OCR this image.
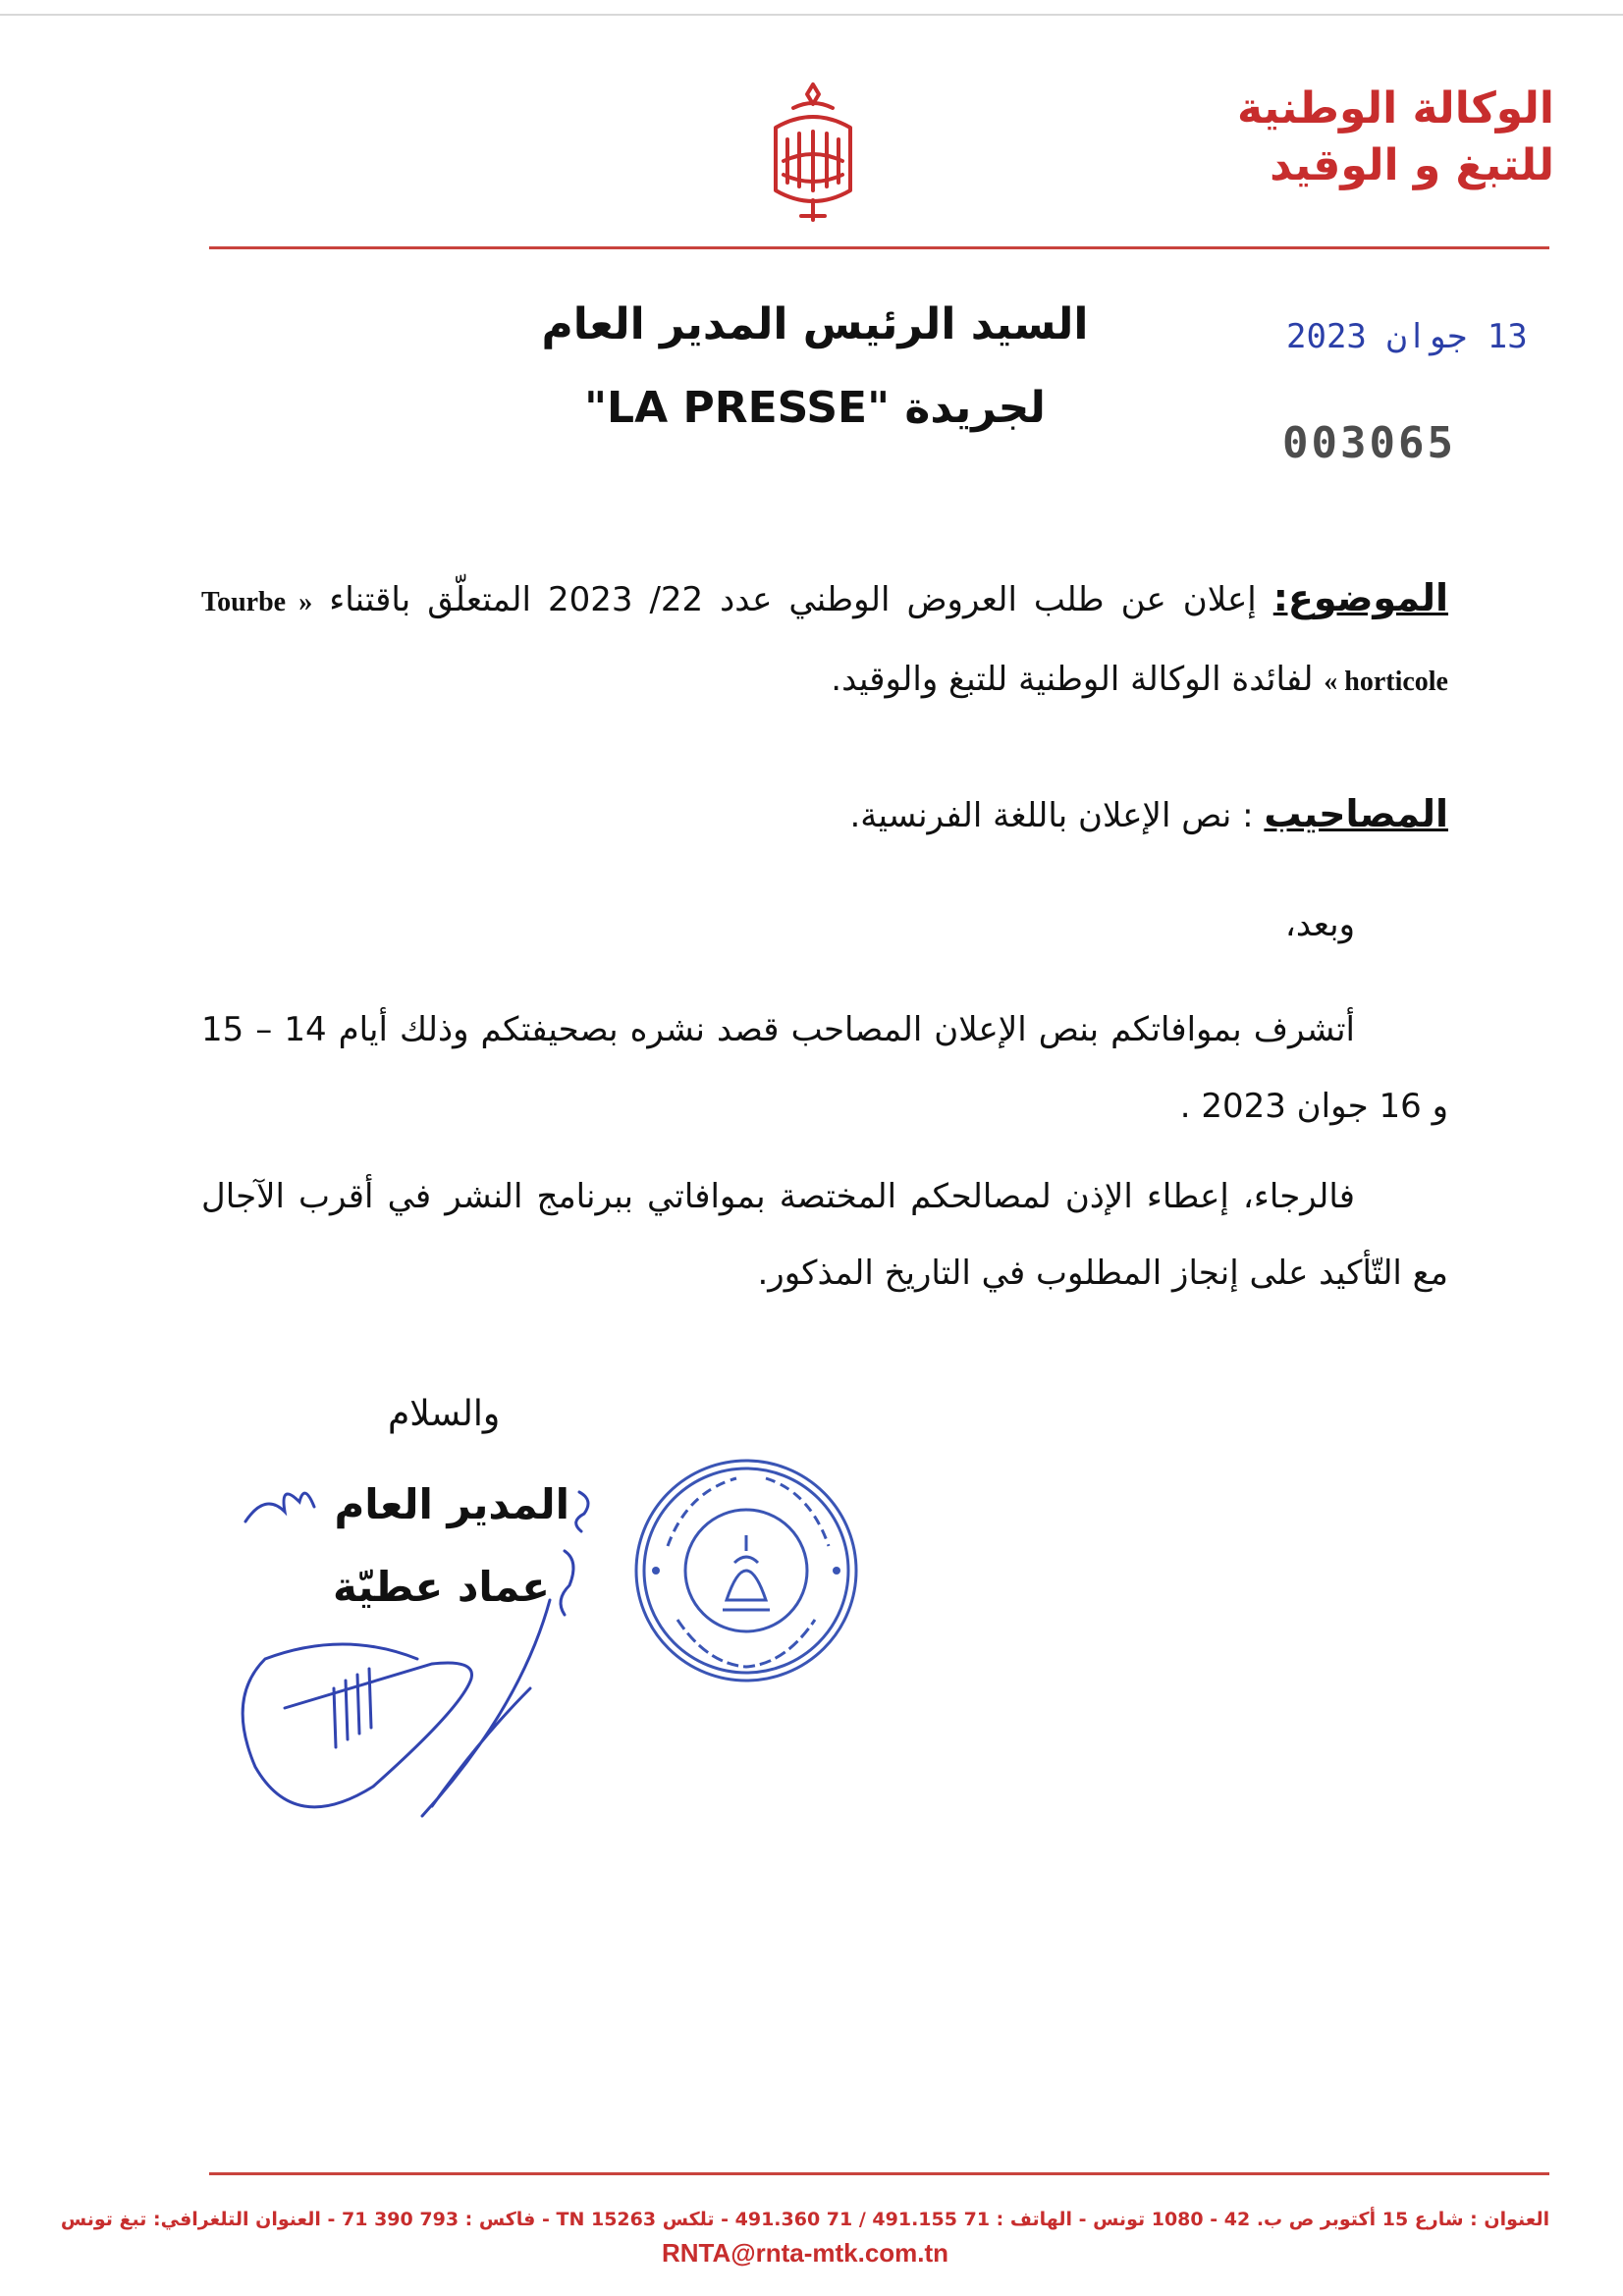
الوكالة الوطنية
للتبغ و الوقيد
السيد الرئيس المدير العام
لجريدة "LA PRESSE"
13 جوان 2023
003065
الموضوع: إعلان عن طلب العروض الوطني عدد 22/ 2023 المتعلّق باقتناء « Tourbe horticole » لفائدة الوكالة الوطنية للتبغ والوقيد.
المصاحيب : نص الإعلان باللغة الفرنسية.
وبعد،
أتشرف بموافاتكم بنص الإعلان المصاحب قصد نشره بصحيفتكم وذلك أيام 14 – 15 و 16 جوان 2023 .
فالرجاء، إعطاء الإذن لمصالحكم المختصة بموافاتي ببرنامج النشر في أقرب الآجال مع التّأكيد على إنجاز المطلوب في التاريخ المذكور.
والسلام
المدير العام
عماد عطيّة
العنوان : شارع 15 أكتوبر ص ب. 42 - 1080 تونس - الهاتف : 71 491.155 / 71 491.360 - تلكس 15263 TN - فاكس : 793 390 71 - العنوان التلغرافي: تبغ تونس
RNTA@rnta-mtk.com.tn
